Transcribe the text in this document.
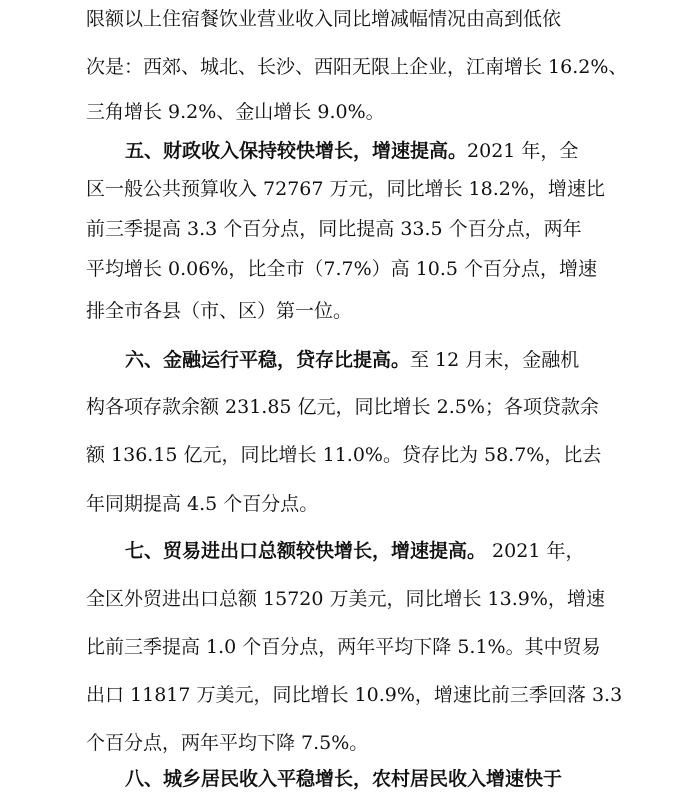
限额以上住宿餐饮业营业收入同比增减幅情况由高到低依
次是：西郊、城北、长沙、西阳无限上企业，江南增长 16.2%、
三角增长 9.2%、金山增长 9.0%。
五、财政收入保持较快增长，增速提高。2021 年，全
区一般公共预算收入 72767 万元，同比增长 18.2%，增速比
前三季提高 3.3 个百分点，同比提高 33.5 个百分点，两年
平均增长 0.06%，比全市（7.7%）高 10.5 个百分点，增速
排全市各县（市、区）第一位。
六、金融运行平稳，贷存比提高。至 12 月末，金融机
构各项存款余额 231.85 亿元，同比增长 2.5%；各项贷款余
额 136.15 亿元，同比增长 11.0%。贷存比为 58.7%，比去
年同期提高 4.5 个百分点。
七、贸易进出口总额较快增长，增速提高。 2021 年，
全区外贸进出口总额 15720 万美元，同比增长 13.9%，增速
比前三季提高 1.0 个百分点，两年平均下降 5.1%。其中贸易
出口 11817 万美元，同比增长 10.9%，增速比前三季回落 3.3
个百分点，两年平均下降 7.5%。
八、城乡居民收入平稳增长，农村居民收入增速快于
